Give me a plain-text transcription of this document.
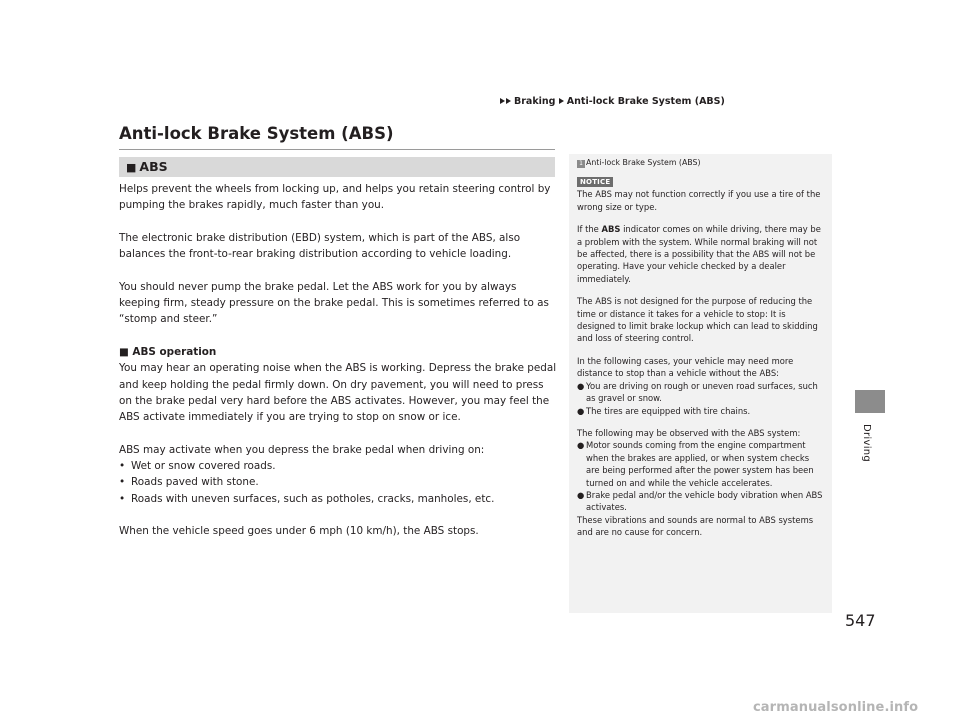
Braking Anti-lock Brake System (ABS)
Anti-lock Brake System (ABS)
■ ABS

Helps prevent the wheels from locking up, and helps you retain steering control by pumping the brakes rapidly, much faster than you.

The electronic brake distribution (EBD) system, which is part of the ABS, also balances the front-to-rear braking distribution according to vehicle loading.

You should never pump the brake pedal. Let the ABS work for you by always keeping firm, steady pressure on the brake pedal. This is sometimes referred to as “stomp and steer.”

■ ABS operation

You may hear an operating noise when the ABS is working. Depress the brake pedal and keep holding the pedal firmly down. On dry pavement, you will need to press on the brake pedal very hard before the ABS activates. However, you may feel the ABS activate immediately if you are trying to stop on snow or ice.

ABS may activate when you depress the brake pedal when driving on:

• Wet or snow covered roads.
• Roads paved with stone.
• Roads with uneven surfaces, such as potholes, cracks, manholes, etc.

When the vehicle speed goes under 6 mph (10 km/h), the ABS stops.

1 Anti-lock Brake System (ABS)
NOTICE

The ABS may not function correctly if you use a tire of the wrong size or type.

If the ABS indicator comes on while driving, there may be a problem with the system. While normal braking will not be affected, there is a possibility that the ABS will not be operating. Have your vehicle checked by a dealer immediately.

The ABS is not designed for the purpose of reducing the time or distance it takes for a vehicle to stop: It is designed to limit brake lockup which can lead to skidding and loss of steering control.

In the following cases, your vehicle may need more distance to stop than a vehicle without the ABS:

● You are driving on rough or uneven road surfaces, such as gravel or snow.
● The tires are equipped with tire chains.

The following may be observed with the ABS system:

● Motor sounds coming from the engine compartment when the brakes are applied, or when system checks are being performed after the power system has been turned on and while the vehicle accelerates.
● Brake pedal and/or the vehicle body vibration when ABS activates.

These vibrations and sounds are normal to ABS systems and are no cause for concern.

Driving
547
carmanualsonline.info
